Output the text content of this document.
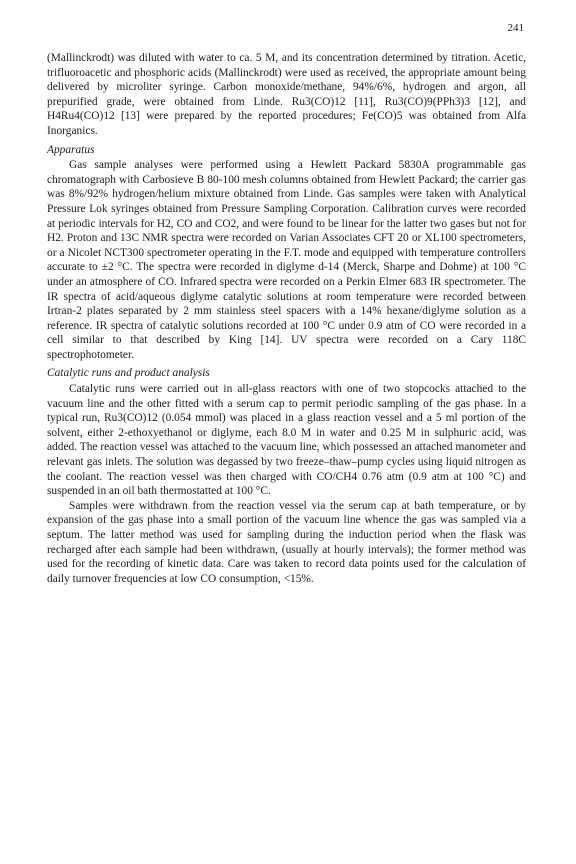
241

(Mallinckrodt) was diluted with water to ca. 5 M, and its concentration determined by titration. Acetic, trifluoroacetic and phosphoric acids (Mallinckrodt) were used as received, the appropriate amount being delivered by microliter syringe. Carbon monoxide/methane, 94%/6%, hydrogen and argon, all prepurified grade, were obtained from Linde. Ru3(CO)12 [11], Ru3(CO)9(PPh3)3 [12], and H4Ru4(CO)12 [13] were prepared by the reported procedures; Fe(CO)5 was obtained from Alfa Inorganics.

Apparatus

Gas sample analyses were performed using a Hewlett Packard 5830A programmable gas chromatograph with Carbosieve B 80-100 mesh columns obtained from Hewlett Packard; the carrier gas was 8%/92% hydrogen/helium mixture obtained from Linde. Gas samples were taken with Analytical Pressure Lok syringes obtained from Pressure Sampling Corporation. Calibration curves were recorded at periodic intervals for H2, CO and CO2, and were found to be linear for the latter two gases but not for H2. Proton and 13C NMR spectra were recorded on Varian Associates CFT 20 or XL100 spectrometers, or a Nicolet NCT300 spectrometer operating in the F.T. mode and equipped with temperature controllers accurate to ±2 °C. The spectra were recorded in diglyme d-14 (Merck, Sharpe and Dohme) at 100 °C under an atmosphere of CO. Infrared spectra were recorded on a Perkin Elmer 683 IR spectrometer. The IR spectra of acid/aqueous diglyme catalytic solutions at room temperature were recorded between Irtran-2 plates separated by 2 mm stainless steel spacers with a 14% hexane/diglyme solution as a reference. IR spectra of catalytic solutions recorded at 100 °C under 0.9 atm of CO were recorded in a cell similar to that described by King [14]. UV spectra were recorded on a Cary 118C spectrophotometer.

Catalytic runs and product analysis

Catalytic runs were carried out in all-glass reactors with one of two stopcocks attached to the vacuum line and the other fitted with a serum cap to permit periodic sampling of the gas phase. In a typical run, Ru3(CO)12 (0.054 mmol) was placed in a glass reaction vessel and a 5 ml portion of the solvent, either 2-ethoxyethanol or diglyme, each 8.0 M in water and 0.25 M in sulphuric acid, was added. The reaction vessel was attached to the vacuum line, which possessed an attached manometer and relevant gas inlets. The solution was degassed by two freeze–thaw–pump cycles using liquid nitrogen as the coolant. The reaction vessel was then charged with CO/CH4 0.76 atm (0.9 atm at 100 °C) and suspended in an oil bath thermostatted at 100 °C.

Samples were withdrawn from the reaction vessel via the serum cap at bath temperature, or by expansion of the gas phase into a small portion of the vacuum line whence the gas was sampled via a septum. The latter method was used for sampling during the induction period when the flask was recharged after each sample had been withdrawn, (usually at hourly intervals); the former method was used for the recording of kinetic data. Care was taken to record data points used for the calculation of daily turnover frequencies at low CO consumption, <15%.
